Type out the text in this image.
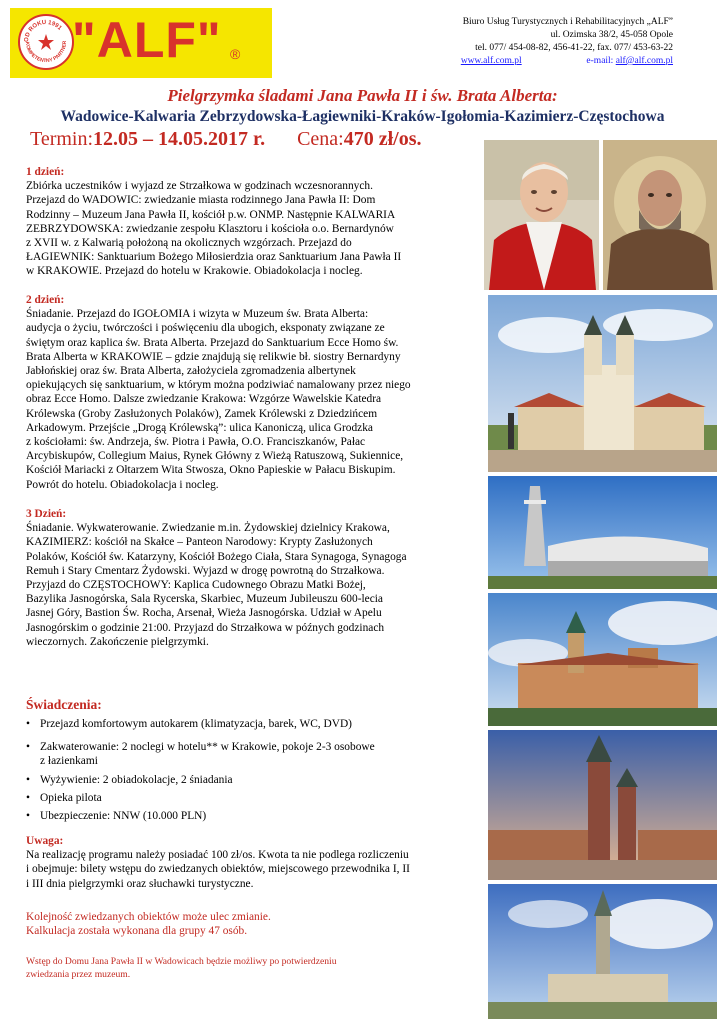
OD ROKU 1991
KOMPETENTNY PARTNER "ALF" ®
Biuro Usług Turystycznych i Rehabilitacyjnych „ALF”
ul. Ozimska 38/2, 45-058 Opole
tel. 077/ 454-08-82, 456-41-22, fax. 077/ 453-63-22
www.alf.com.pl	e-mail: alf@alf.com.pl
Pielgrzymka śladami Jana Pawła II i św. Brata Alberta:
Wadowice-Kalwaria Zebrzydowska-Łagiewniki-Kraków-Igołomia-Kazimierz-Częstochowa
Termin:12.05 – 14.05.2017 r. Cena:470 zł/os.
1 dzień:
Zbiórka uczestników i wyjazd ze Strzałkowa w godzinach wczesnorannych.
Przejazd do WADOWIC: zwiedzanie miasta rodzinnego Jana Pawła II: Dom
Rodzinny – Muzeum Jana Pawła II, kościół p.w. ONMP. Następnie KALWARIA
ZEBRZYDOWSKA: zwiedzanie zespołu Klasztoru i kościoła o.o. Bernardynów
z XVII w. z Kalwarią położoną na okolicznych wzgórzach. Przejazd do
ŁAGIEWNIK: Sanktuarium Bożego Miłosierdzia oraz Sanktuarium Jana Pawła II
w KRAKOWIE. Przejazd do hotelu w Krakowie. Obiadokolacja i nocleg.
2 dzień:
Śniadanie. Przejazd do IGOŁOMIA i wizyta w Muzeum św. Brata Alberta:
audycja o życiu, twórczości i poświęceniu dla ubogich, eksponaty związane ze
świętym oraz kaplica św. Brata Alberta. Przejazd do Sanktuarium Ecce Homo św.
Brata Alberta w KRAKOWIE – gdzie znajdują się relikwie bł. siostry Bernardyny
Jabłońskiej oraz św. Brata Alberta, założyciela zgromadzenia albertynek
opiekujących się sanktuarium, w którym można podziwiać namalowany przez niego
obraz Ecce Homo. Dalsze zwiedzanie Krakowa: Wzgórze Wawelskie Katedra
Królewska (Groby Zasłużonych Polaków), Zamek Królewski z Dziedzińcem
Arkadowym. Przejście „Drogą Królewską”: ulica Kanoniczą, ulica Grodzka
z kościołami: św. Andrzeja, św. Piotra i Pawła, O.O. Franciszkanów, Pałac
Arcybiskupów, Collegium Maius, Rynek Główny z Wieżą Ratuszową, Sukiennice,
Kościół Mariacki z Ołtarzem Wita Stwosza, Okno Papieskie w Pałacu Biskupim.
Powrót do hotelu. Obiadokolacja i nocleg.
3 Dzień:
Śniadanie. Wykwaterowanie. Zwiedzanie m.in. Żydowskiej dzielnicy Krakowa,
KAZIMIERZ: kościół na Skałce – Panteon Narodowy: Krypty Zasłużonych
Polaków, Kościół św. Katarzyny, Kościół Bożego Ciała, Stara Synagoga, Synagoga
Remuh i Stary Cmentarz Żydowski. Wyjazd w drogę powrotną do Strzałkowa.
Przyjazd do CZĘSTOCHOWY: Kaplica Cudownego Obrazu Matki Bożej,
Bazylika Jasnogórska, Sala Rycerska, Skarbiec, Muzeum Jubileuszu 600-lecia
Jasnej Góry, Bastion Św. Rocha, Arsenał, Wieża Jasnogórska. Udział w Apelu
Jasnogórskim o godzinie 21:00. Przyjazd do Strzałkowa w późnych godzinach
wieczornych. Zakończenie pielgrzymki.
Świadczenia:
• Przejazd komfortowym autokarem (klimatyzacja, barek, WC, DVD)
• Zakwaterowanie: 2 noclegi w hotelu** w Krakowie, pokoje 2-3 osobowe
z łazienkami
• Wyżywienie: 2 obiadokolacje, 2 śniadania
• Opieka pilota
• Ubezpieczenie: NNW (10.000 PLN)
Uwaga:
Na realizację programu należy posiadać 100 zł/os. Kwota ta nie podlega rozliczeniu
i obejmuje: bilety wstępu do zwiedzanych obiektów, miejscowego przewodnika I, II
i III dnia pielgrzymki oraz słuchawki turystyczne.
Kolejność zwiedzanych obiektów może ulec zmianie.
Kalkulacja została wykonana dla grupy 47 osób.
Wstęp do Domu Jana Pawła II w Wadowicach będzie możliwy po potwierdzeniu
zwiedzania przez muzeum.
